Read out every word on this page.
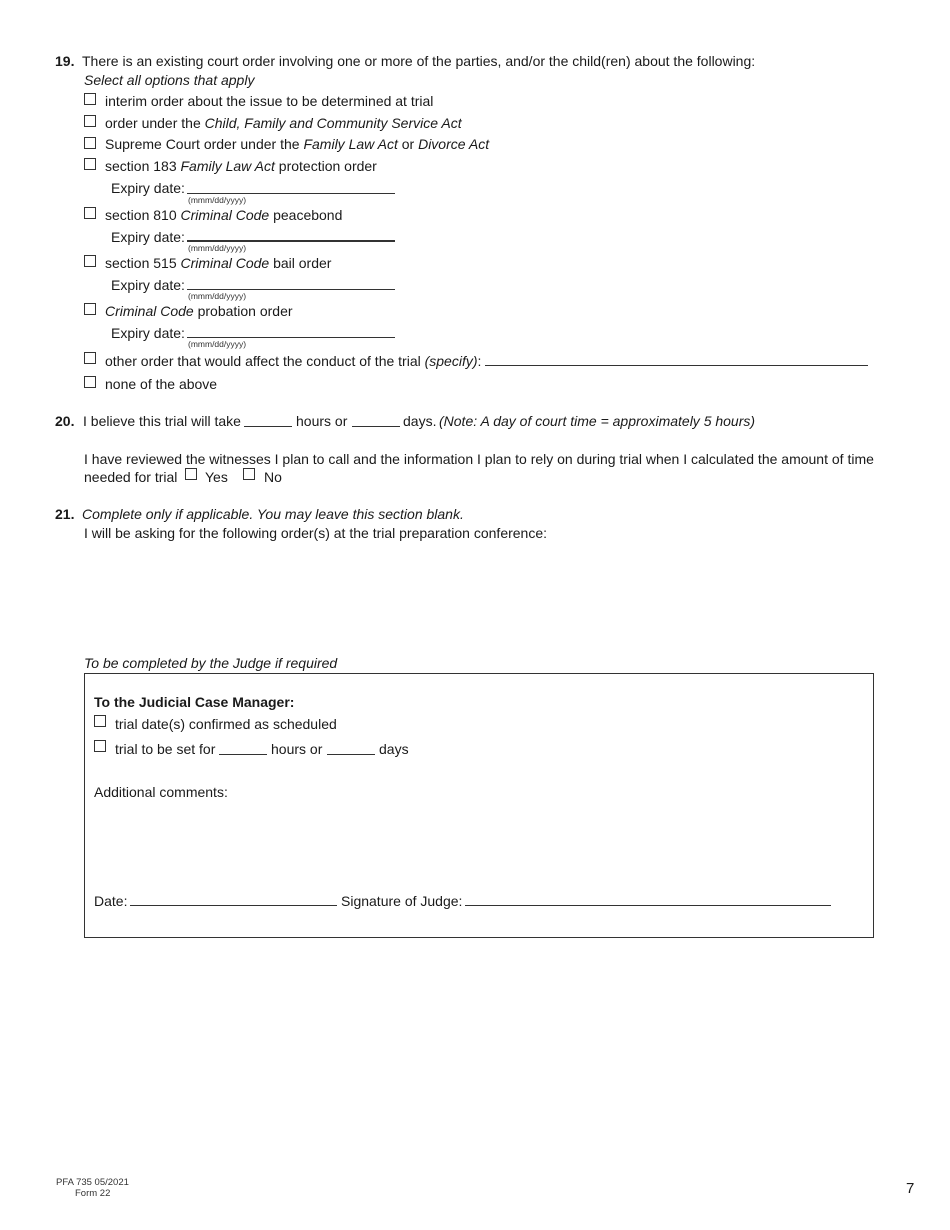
19. There is an existing court order involving one or more of the parties, and/or the child(ren) about the following:
Select all options that apply
interim order about the issue to be determined at trial
order under the Child, Family and Community Service Act
Supreme Court order under the Family Law Act or Divorce Act
section 183 Family Law Act protection order
Expiry date:
(mmm/dd/yyyy)
section 810 Criminal Code peacebond
Expiry date:
(mmm/dd/yyyy)
section 515 Criminal Code bail order
Expiry date:
(mmm/dd/yyyy)
Criminal Code probation order
Expiry date:
(mmm/dd/yyyy)
other order that would affect the conduct of the trial (specify):
none of the above
20. I believe this trial will take	hours or	days. (Note: A day of court time = approximately 5 hours)
I have reviewed the witnesses I plan to call and the information I plan to rely on during trial when I calculated the amount of time
needed for trial Yes	No
21. Complete only if applicable. You may leave this section blank.
I will be asking for the following order(s) at the trial preparation conference:
To be completed by the Judge if required
To the Judicial Case Manager:
trial date(s) confirmed as scheduled
trial to be set for	hours or	days
Additional comments:
Date:	Signature of Judge:
PFA 735 05/2021
Form 22	7
